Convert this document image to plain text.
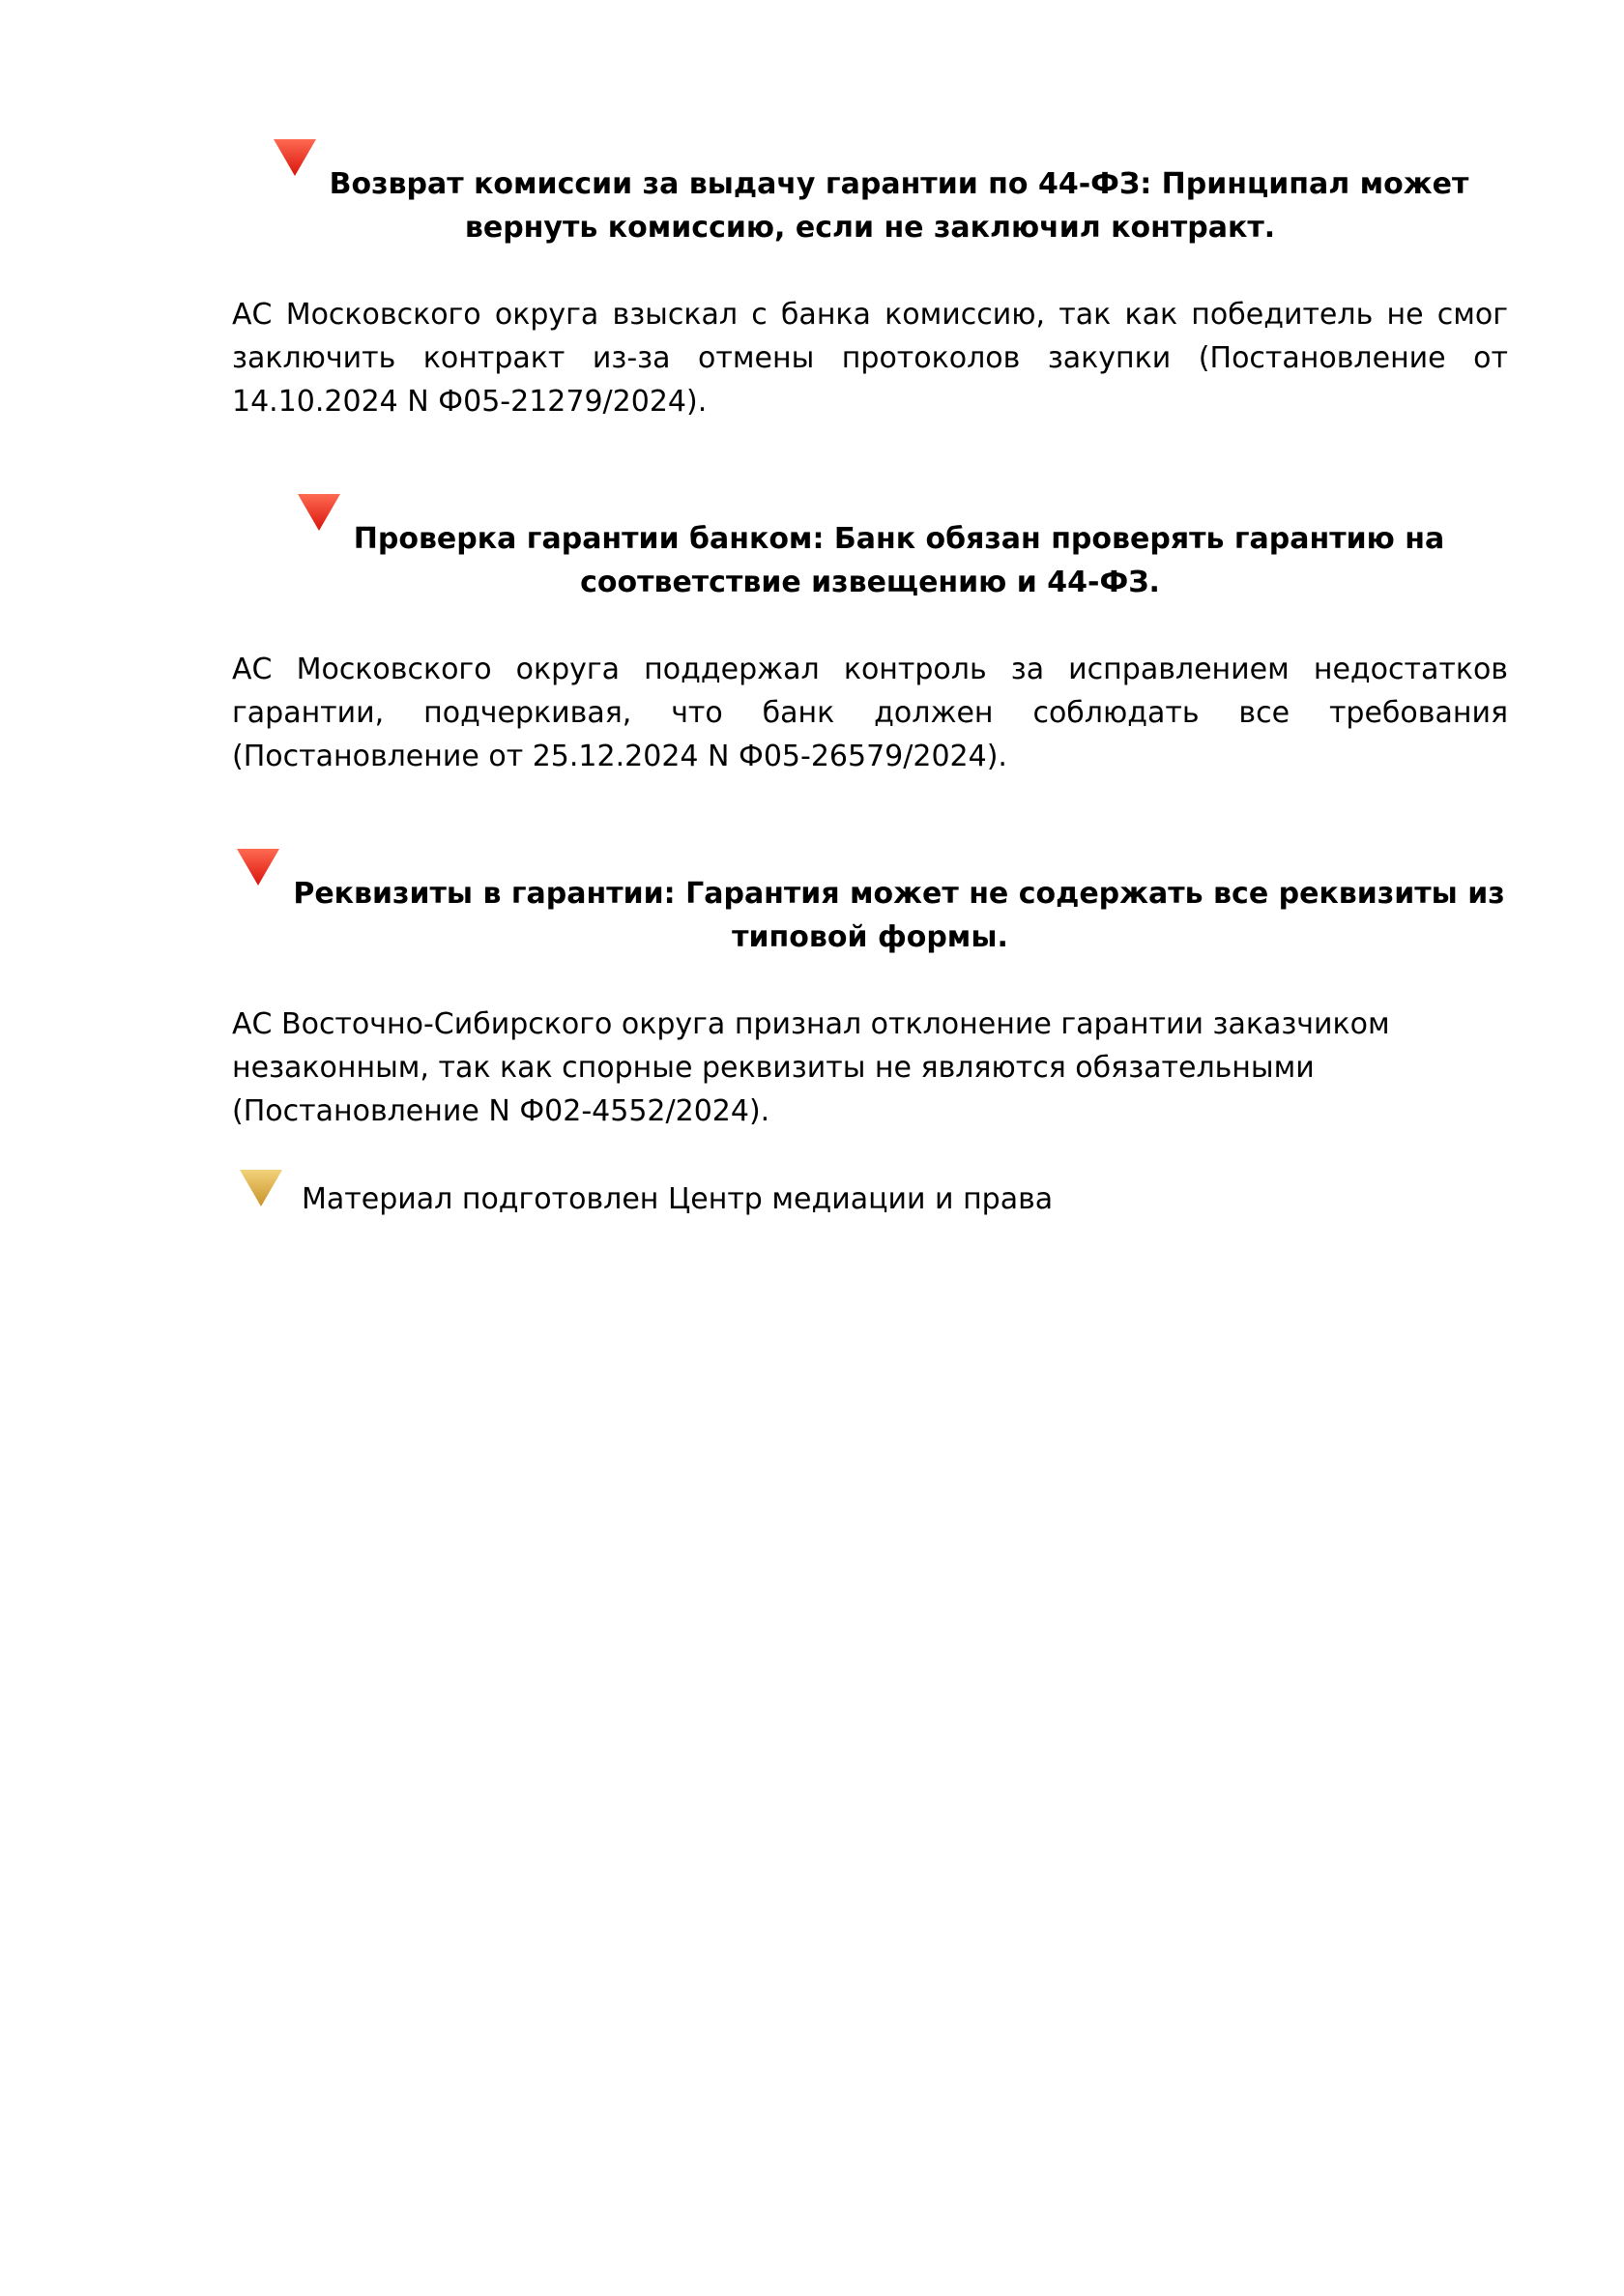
Возврат комиссии за выдачу гарантии по 44-ФЗ: Принципал может вернуть комиссию, если не заключил контракт.

АС Московского округа взыскал с банка комиссию, так как победитель не смог заключить контракт из-за отмены протоколов закупки (Постановление от 14.10.2024 N Ф05-21279/2024).

Проверка гарантии банком: Банк обязан проверять гарантию на соответствие извещению и 44-ФЗ.

АС Московского округа поддержал контроль за исправлением недостатков гарантии, подчеркивая, что банк должен соблюдать все требования (Постановление от 25.12.2024 N Ф05-26579/2024).

Реквизиты в гарантии: Гарантия может не содержать все реквизиты из типовой формы.

АС Восточно-Сибирского округа признал отклонение гарантии заказчиком незаконным, так как спорные реквизиты не являются обязательными (Постановление N Ф02-4552/2024).

Материал подготовлен Центр медиации и права
